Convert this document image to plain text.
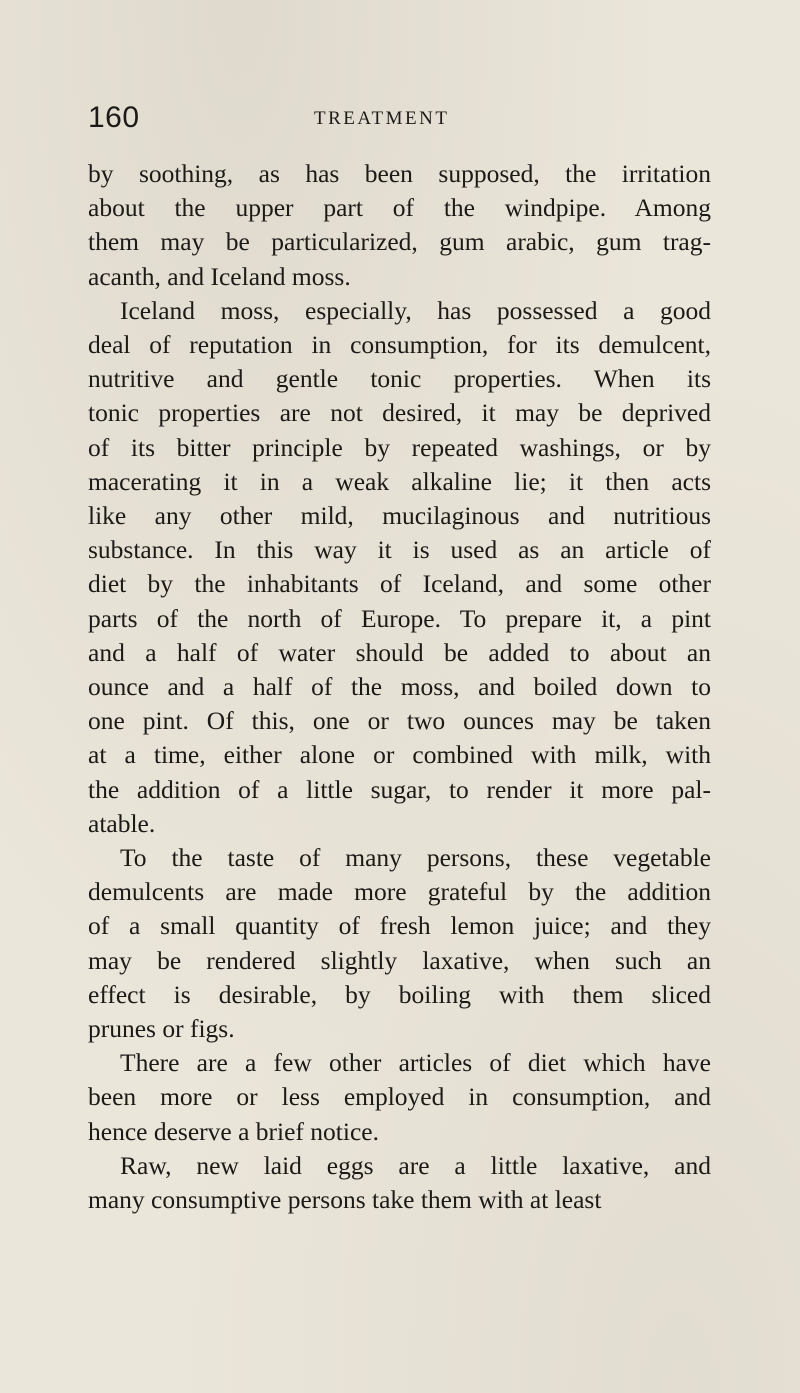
160	TREATMENT

by soothing, as has been supposed, the irritation
about the upper part of the windpipe. Among
them may be particularized, gum arabic, gum trag-
acanth, and Iceland moss.

Iceland moss, especially, has possessed a good
deal of reputation in consumption, for its demulcent,
nutritive and gentle tonic properties. When its
tonic properties are not desired, it may be deprived
of its bitter principle by repeated washings, or by
macerating it in a weak alkaline lie; it then acts
like any other mild, mucilaginous and nutritious
substance. In this way it is used as an article of
diet by the inhabitants of Iceland, and some other
parts of the north of Europe. To prepare it, a pint
and a half of water should be added to about an
ounce and a half of the moss, and boiled down to
one pint. Of this, one or two ounces may be taken
at a time, either alone or combined with milk, with
the addition of a little sugar, to render it more pal-
atable.

To the taste of many persons, these vegetable
demulcents are made more grateful by the addition
of a small quantity of fresh lemon juice; and they
may be rendered slightly laxative, when such an
effect is desirable, by boiling with them sliced
prunes or figs.

There are a few other articles of diet which have
been more or less employed in consumption, and
hence deserve a brief notice.

Raw, new laid eggs are a little laxative, and
many consumptive persons take them with at least
